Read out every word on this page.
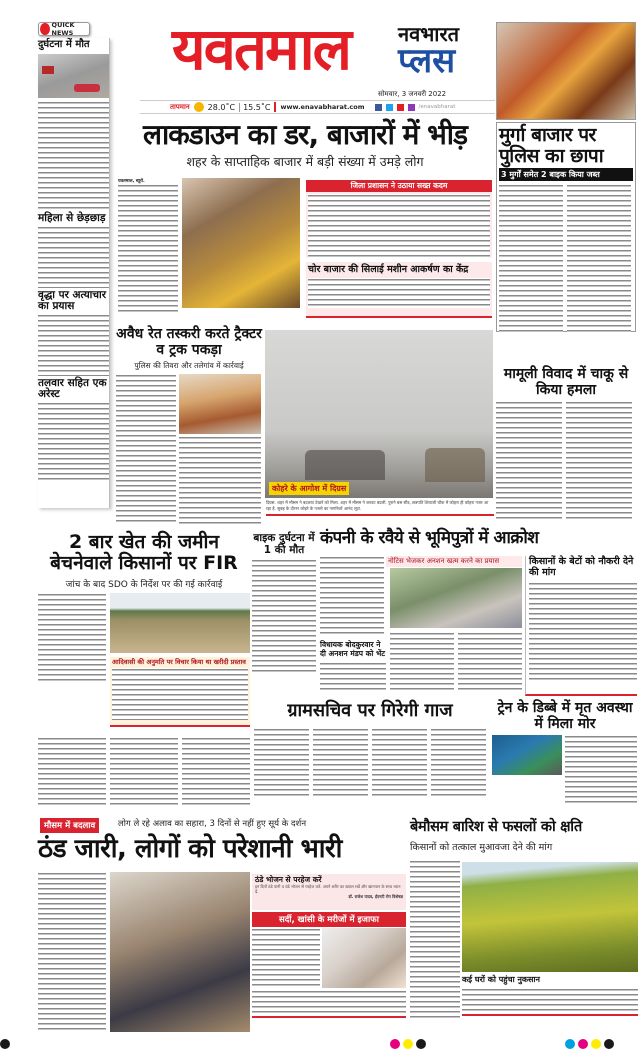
QUICK NEWS यवतमाल नवभारत
प्लस
सोमवार, 3 जनवरी 2022
तापमान 28.0˚C	15.5˚C www.enavabharat.com	/enavabharat
दुर्घटना में मौत
महिला से छेड़छाड़
वृद्धा पर अत्याचार का प्रयास
तलवार सहित एक अरेस्ट
लाकडाउन का डर, बाजारों में भीड़
शहर के साप्ताहिक बाजार में बड़ी संख्या में उमड़े लोग
यवतमाल, ब्यूरो.	जिला प्रशासन ने उठाया सख्त कदम
चोर बाजार की सिलाई मशीन आकर्षण का केंद्र
मुर्गा बाजार पर पुलिस का छापा
3 मुर्गों समेत 2 बाइक किया जब्त
अवैध रेत तस्करी करते ट्रैक्टर व ट्रक पकड़ा
पुलिस की तिवरा और तलेगांव में कार्रवाई
कोहरे के आगोश में दिग्रस
दिग्रस. शहर में मौसम ने बदलाव देखने को मिला. शहर में मौसम ने करवट बदली. पुराने बस स्टैंड, छत्रपति शिवाजी चौक में कोहरा ही कोहरा नजर आ रहा है. सुबह के दौरान कोहरे के नजारे का नागरिकों आनंद लूटा.
मामूली विवाद में चाकू से किया हमला
2 बार खेत की जमीन बेचनेवाले किसानों पर FIR
जांच के बाद SDO के निर्देश पर की गई कार्रवाई
आदिवासी की अनुमति पर विचार किया था खरीदी प्रस्ताव
बाइक दुर्घटना में 1 की मौत
कंपनी के रवैये से भूमिपुत्रों में आक्रोश
नोटिस भेजकर अनशन खत्म करने का प्रयास
विधायक बोदकुरवार ने दी अनशन मंडप को भेंट
किसानों के बेटों को नौकरी देने की मांग
ग्रामसचिव पर गिरेगी गाज	ट्रेन के डिब्बे में मृत अवस्था में मिला मोर
मौसम में बदलाव	लोग ले रहे अलाव का सहारा, 3 दिनों से नहीं हुए सूर्य के दर्शन
ठंड जारी, लोगों को परेशानी भारी
ठंडे भोजन से परहेज करें
इन दिनों ठंडे पानी व ठंडे भोजन से परहेज करें. अपने शरीर का ख्याल रखें और खानपान के साथ ध्यान दें.
डॉ. राजेश यादव, ईएनटी रोग विशेषज्ञ
सर्दी, खांसी के मरीजों में इजाफा
बेमौसम बारिश से फसलों को क्षति
किसानों को तत्काल मुआवजा देने की मांग
कई घरों को पहुंचा नुकसान
